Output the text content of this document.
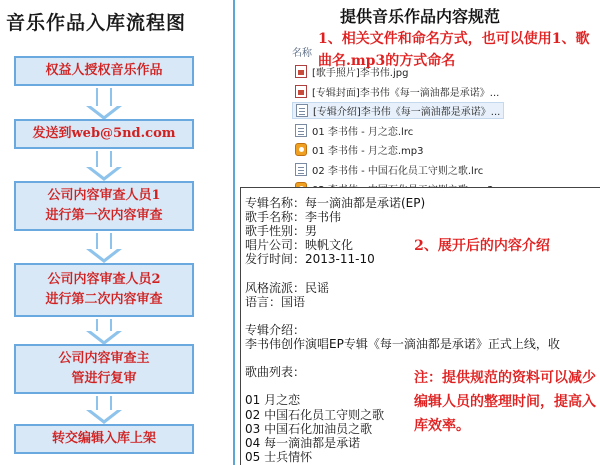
音乐作品入库流程图
权益人授权音乐作品
发送到web@5nd.com
公司内容审查人员1
进行第一次内容审查
公司内容审查人员2
进行第二次内容审查
公司内容审查主
管进行复审
转交编辑入库上架
提供音乐作品内容规范
1、相关文件和命名方式，也可以使用1、歌曲名.mp3的方式命名
名称
[歌手照片]李书伟.jpg
[专辑封面]李书伟《每一滴油都是承诺》...
[专辑介绍]李书伟《每一滴油都是承诺》...
01 李书伟 - 月之恋.lrc
01 李书伟 - 月之恋.mp3
02 李书伟 - 中国石化员工守则之歌.lrc
专辑名称：每一滴油都是承诺(EP)
歌手名称：李书伟
歌手性别：男
唱片公司：映帆文化
发行时间：2013-11-10
风格流派：民谣
语言：国语
专辑介绍：
李书伟创作演唱EP专辑《每一滴油都是承诺》正式上线，收
歌曲列表：
01 月之恋
02 中国石化员工守则之歌
03 中国石化加油员之歌
04 每一滴油都是承诺
05 士兵情怀
2、展开后的内容介绍
注：提供规范的资料可以减少编辑人员的整理时间，提高入库效率。
